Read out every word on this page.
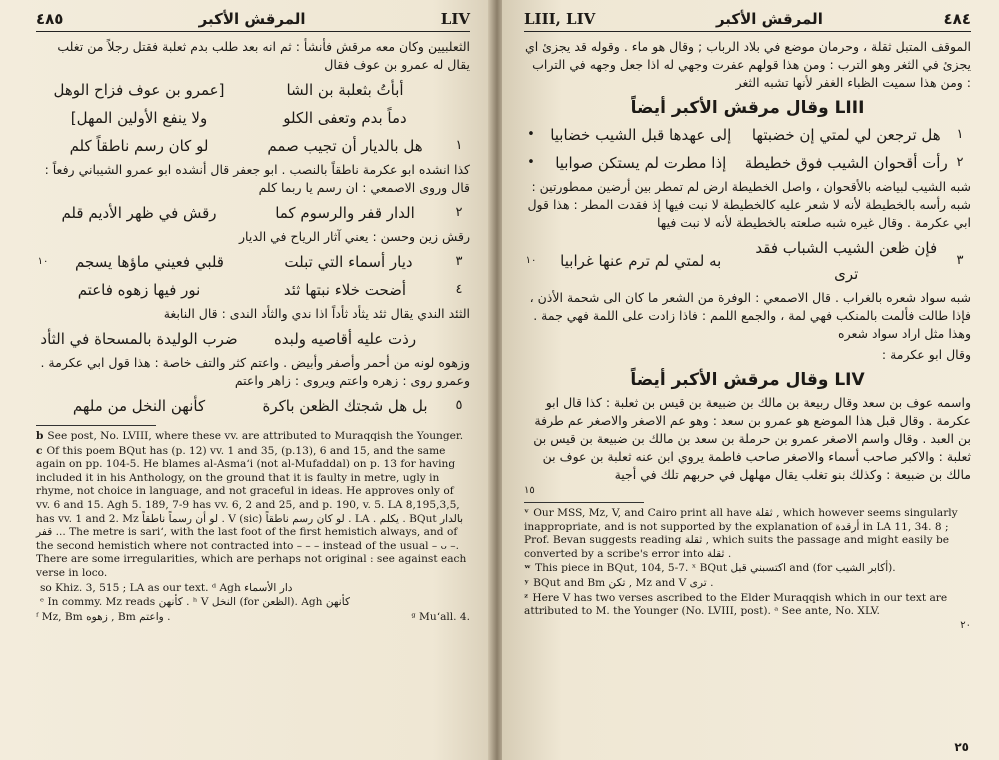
٤٨٥	المرقش الأكبر	LIV

الثعلبيين وكان معه مرقش فأنشأ : ثم انه بعد طلب بدم ثعلبة فقتل رجلاً من تغلب يقال له عمرو بن عوف فقال

أبأتُ بثعلبة بن الشا
[عمرو بن عوف فزاح الوهل
دماً بدم وتعفى الكلو
ولا ينفع الأولين المهل]
١
هل بالديار أن تجيب صمم
لو كان رسم ناطقاً كلم

كذا انشده ابو عكرمة ناطقاً بالنصب . ابو جعفر قال أنشده ابو عمرو الشيباني رفعاً : قال وروى الاصمعي : ان رسم يا ربما كلم

٢
الدار قفر والرسوم كما
رقش في ظهر الأديم قلم

رقش زين وحسن : يعني آثار الرياح في الديار

٣
ديار أسماء التي تبلت
قلبي فعيني ماؤها يسجم
١٠
٤
أضحت خلاء نبتها ثئد
نور فيها زهوه فاعتم

الثئد الندي يقال ثئد يثأد ثأداً اذا ندي والثأد الندى : قال النابغة

رذت عليه أقاصيه ولبده
ضرب الوليدة بالمسحاة في الثأد

وزهوه لونه من أحمر وأصفر وأبيض . واعتم كثر والتف خاصة : هذا قول ابي عكرمة . وعمرو روى : زهره واعتم ويروى : زاهر واعتم

٥
بل هل شجتك الظعن باكرة
كأنهن النخل من ملهم

b See post, No. LVIII, where these vv. are attributed to Muraqqish the Younger.

c Of this poem BQut has (p. 12) vv. 1 and 35, (p.13), 6 and 15, and the same again on pp. 104-5. He blames al-Asma‘i (not al-Mufaddal) on p. 13 for having included it in his Anthology, on the ground that it is faulty in metre, ugly in rhyme, not choice in language, and not graceful in ideas. He approves only of vv. 6 and 15. Agh 5. 189, 7-9 has vv. 6, 2 and 25, and p. 190, v. 5. LA 8,195,3,5, has vv. 1 and 2. Mz لو أن رسماً ناطقاً . V (sic) لو كان رسم ناطقاً . LA . يكلم . BQut بالدار قفر ... The metre is sari‘, with the last foot of the first hemistich always, and of the second hemistich where not contracted into – – – instead of the usual – ᴗ –. There are some irregularities, which are perhaps not original : see against each verse in loco.

so Khiz. 3, 515 ; LA as our text. ᵈ Agh دار الأسماء

ᵉ In commy. Mz reads كأنهن . ʰ V النخل (for الظعن). Agh كأنهن

ᶠ Mz, Bm زهوه , Bm واعتم .	ᵍ Mu‘all. 4.
LIII, LIV	المرقش الأكبر	٤٨٤

الموقف المتبل ثقلة ، وحرمان موضع في بلاد الرباب ; وقال هو ماء . وقوله قد يجزئ اي يجزئ في الثغر وهو الترب : ومن هذا قولهم عفرت وجهي له اذا جعل وجهه في التراب : ومن هذا سميت الظباء الغفر لأنها تشبه الثغر

LIII وقال مرقش الأكبر أيضاً
١
هل ترجعن لي لمتي إن خضبتها
إلى عهدها قبل الشيب خضابيا
•
٢
رأت أقحوان الشيب فوق خطيطة
إذا مطرت لم يستكن صوابيا
•

شبه الشيب لبياضه بالأقحوان ، واصل الخطيطة ارض لم تمطر بين أرضين ممطورتين : شبه رأسه بالخطيطة لأنه لا شعر عليه كالخطيطة لا نبت فيها إذ فقدت المطر : هذا قول ابي عكرمة . وقال غيره شبه صلعته بالخطيطة لأنه لا نبت فيها

٣
فإن ظعن الشيب الشباب فقد ترى
به لمتي لم ترم عنها غرابيا
١٠

شبه سواد شعره بالغراب . قال الاصمعي : الوفرة من الشعر ما كان الى شحمة الأذن ، فإذا طالت فألمت بالمنكب فهي لمة ، والجمع اللمم : فاذا زادت على اللمة فهي جمة . وهذا مثل اراد سواد شعره

وقال ابو عكرمة :

LIV وقال مرقش الأكبر أيضاً

واسمه عوف بن سعد وقال ربيعة بن مالك بن ضبيعة بن قيس بن ثعلبة : كذا قال ابو عكرمة . وقال قبل هذا الموضع هو عمرو بن سعد : وهو عم الاصغر والاصغر عم طرفة بن العبد . وقال واسم الاصغر عمرو بن حرملة بن سعد بن مالك بن ضبيعة بن قيس بن ثعلبة : والاكبر صاحب أسماء والاصغر صاحب فاطمة يروي ابن عنه ثعلبة بن عوف بن مالك بن ضبيعة : وكذلك بنو تغلب يقال مهلهل في حربهم تلك في أجية

١٥

ᵛ Our MSS, Mz, V, and Cairo print all have ثقلة , which however seems singularly inappropriate, and is not supported by the explanation of أرقدة in LA 11, 34. 8 ; Prof. Bevan suggests reading ثقلة , which suits the passage and might easily be converted by a scribe's error into ثقلة .

ʷ This piece in BQut, 104, 5-7. ˣ BQut اكتسبني قبل and (for أكابر الشيب).

ʸ BQut and Bm تكن , Mz and V ترى .

ᶻ Here V has two verses ascribed to the Elder Muraqqish which in our text are attributed to M. the Younger (No. LVIII, post). ᵃ See ante, No. XLV.

٢٠
٢٥
